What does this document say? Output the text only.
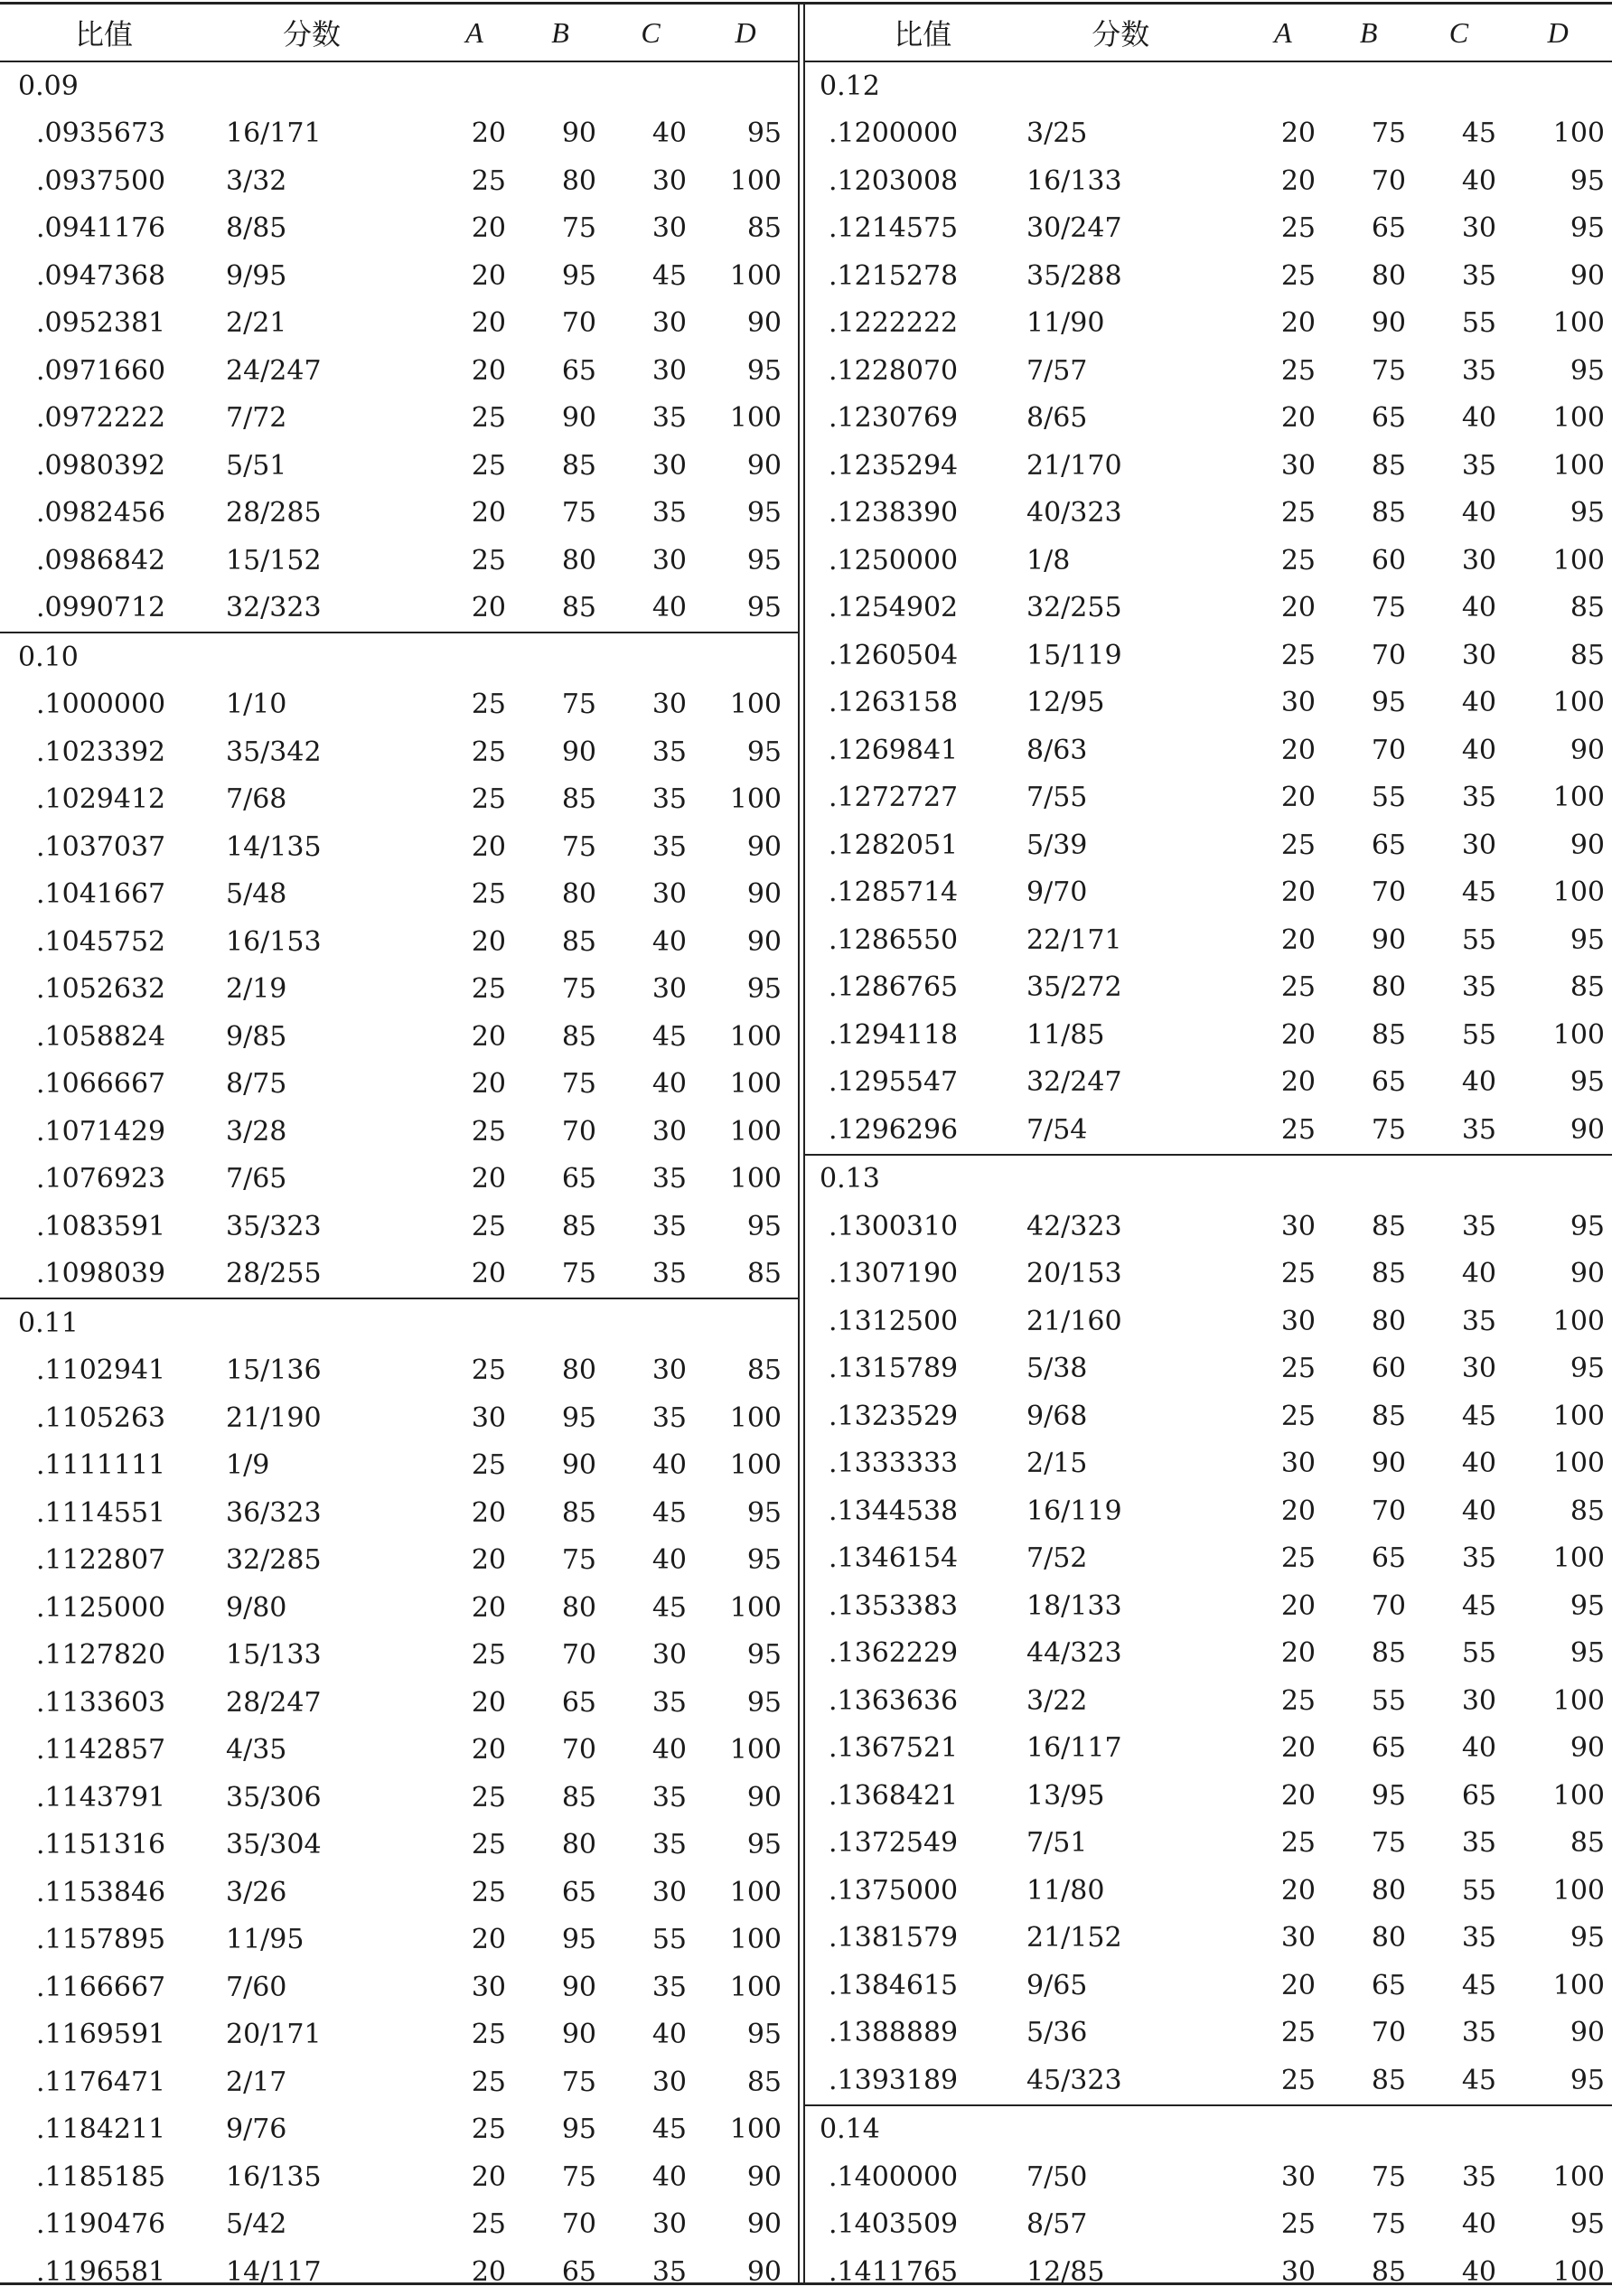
比值	分数	A	B	C	D
0.09
.0935673	16/171	20	90	40	95
.0937500	3/32	25	80	30	100
.0941176	8/85	20	75	30	85
.0947368	9/95	20	95	45	100
.0952381	2/21	20	70	30	90
.0971660	24/247	20	65	30	95
.0972222	7/72	25	90	35	100
.0980392	5/51	25	85	30	90
.0982456	28/285	20	75	35	95
.0986842	15/152	25	80	30	95
.0990712	32/323	20	85	40	95
0.10
.1000000	1/10	25	75	30	100
.1023392	35/342	25	90	35	95
.1029412	7/68	25	85	35	100
.1037037	14/135	20	75	35	90
.1041667	5/48	25	80	30	90
.1045752	16/153	20	85	40	90
.1052632	2/19	25	75	30	95
.1058824	9/85	20	85	45	100
.1066667	8/75	20	75	40	100
.1071429	3/28	25	70	30	100
.1076923	7/65	20	65	35	100
.1083591	35/323	25	85	35	95
.1098039	28/255	20	75	35	85
0.11
.1102941	15/136	25	80	30	85
.1105263	21/190	30	95	35	100
.1111111	1/9	25	90	40	100
.1114551	36/323	20	85	45	95
.1122807	32/285	20	75	40	95
.1125000	9/80	20	80	45	100
.1127820	15/133	25	70	30	95
.1133603	28/247	20	65	35	95
.1142857	4/35	20	70	40	100
.1143791	35/306	25	85	35	90
.1151316	35/304	25	80	35	95
.1153846	3/26	25	65	30	100
.1157895	11/95	20	95	55	100
.1166667	7/60	30	90	35	100
.1169591	20/171	25	90	40	95
.1176471	2/17	25	75	30	85
.1184211	9/76	25	95	45	100
.1185185	16/135	20	75	40	90
.1190476	5/42	25	70	30	90
.1196581	14/117	20	65	35	90
比值	分数	A	B	C	D
0.12
.1200000	3/25	20	75	45	100
.1203008	16/133	20	70	40	95
.1214575	30/247	25	65	30	95
.1215278	35/288	25	80	35	90
.1222222	11/90	20	90	55	100
.1228070	7/57	25	75	35	95
.1230769	8/65	20	65	40	100
.1235294	21/170	30	85	35	100
.1238390	40/323	25	85	40	95
.1250000	1/8	25	60	30	100
.1254902	32/255	20	75	40	85
.1260504	15/119	25	70	30	85
.1263158	12/95	30	95	40	100
.1269841	8/63	20	70	40	90
.1272727	7/55	20	55	35	100
.1282051	5/39	25	65	30	90
.1285714	9/70	20	70	45	100
.1286550	22/171	20	90	55	95
.1286765	35/272	25	80	35	85
.1294118	11/85	20	85	55	100
.1295547	32/247	20	65	40	95
.1296296	7/54	25	75	35	90
0.13
.1300310	42/323	30	85	35	95
.1307190	20/153	25	85	40	90
.1312500	21/160	30	80	35	100
.1315789	5/38	25	60	30	95
.1323529	9/68	25	85	45	100
.1333333	2/15	30	90	40	100
.1344538	16/119	20	70	40	85
.1346154	7/52	25	65	35	100
.1353383	18/133	20	70	45	95
.1362229	44/323	20	85	55	95
.1363636	3/22	25	55	30	100
.1367521	16/117	20	65	40	90
.1368421	13/95	20	95	65	100
.1372549	7/51	25	75	35	85
.1375000	11/80	20	80	55	100
.1381579	21/152	30	80	35	95
.1384615	9/65	20	65	45	100
.1388889	5/36	25	70	35	90
.1393189	45/323	25	85	45	95
0.14
.1400000	7/50	30	75	35	100
.1403509	8/57	25	75	40	95
.1411765	12/85	30	85	40	100
